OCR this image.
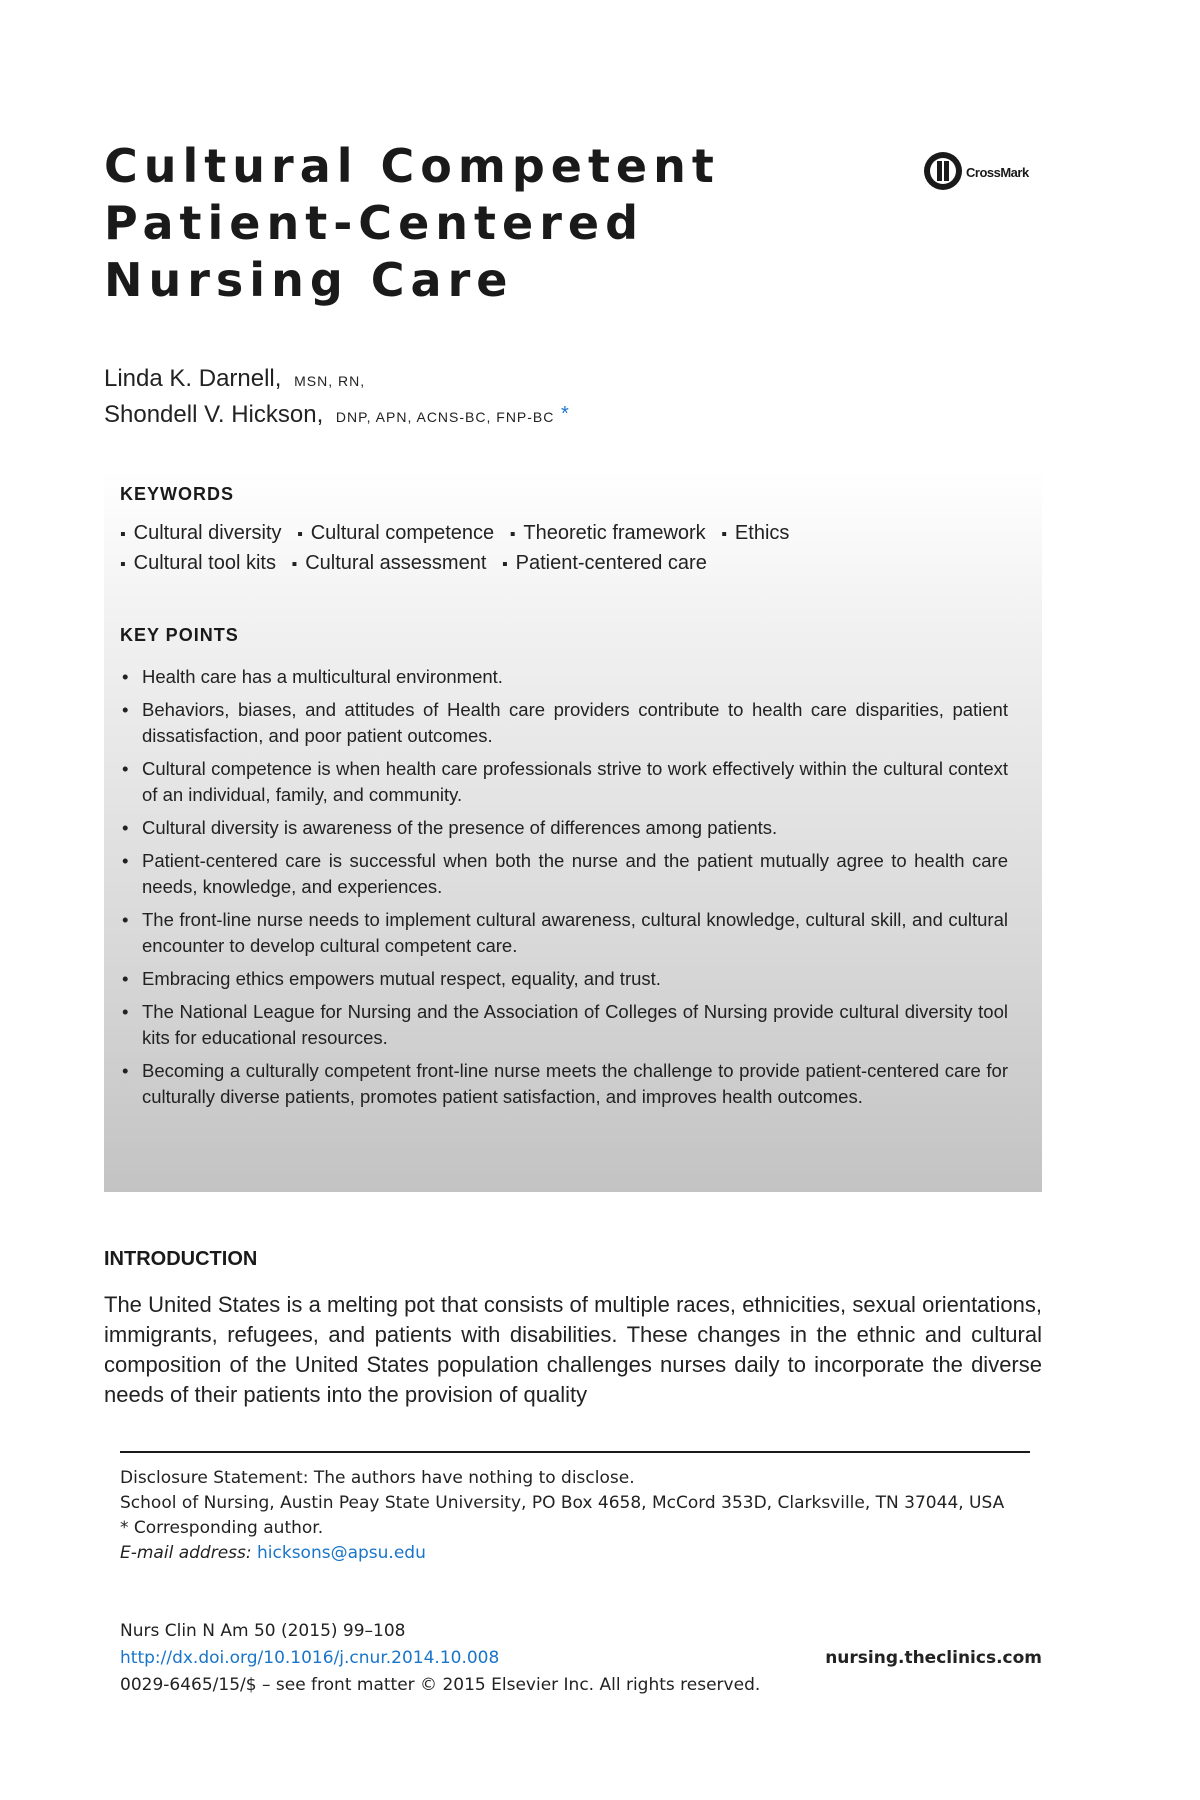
Cultural Competent
Patient-Centered
Nursing Care
CrossMark
Linda K. Darnell, MSN, RN,
Shondell V. Hickson, DNP, APN, ACNS-BC, FNP-BC *
KEYWORDS
▪ Cultural diversity ▪ Cultural competence ▪ Theoretic framework ▪ Ethics
▪ Cultural tool kits ▪ Cultural assessment ▪ Patient-centered care
KEY POINTS
• Health care has a multicultural environment.
• Behaviors, biases, and attitudes of Health care providers contribute to health care disparities, patient dissatisfaction, and poor patient outcomes.
• Cultural competence is when health care professionals strive to work effectively within the cultural context of an individual, family, and community.
• Cultural diversity is awareness of the presence of differences among patients.
• Patient-centered care is successful when both the nurse and the patient mutually agree to health care needs, knowledge, and experiences.
• The front-line nurse needs to implement cultural awareness, cultural knowledge, cultural skill, and cultural encounter to develop cultural competent care.
• Embracing ethics empowers mutual respect, equality, and trust.
• The National League for Nursing and the Association of Colleges of Nursing provide cultural diversity tool kits for educational resources.
• Becoming a culturally competent front-line nurse meets the challenge to provide patient-centered care for culturally diverse patients, promotes patient satisfaction, and improves health outcomes.
INTRODUCTION

The United States is a melting pot that consists of multiple races, ethnicities, sexual orientations, immigrants, refugees, and patients with disabilities. These changes in the ethnic and cultural composition of the United States population challenges nurses daily to incorporate the diverse needs of their patients into the provision of quality

Disclosure Statement: The authors have nothing to disclose.

School of Nursing, Austin Peay State University, PO Box 4658, McCord 353D, Clarksville, TN 37044, USA

* Corresponding author.

E-mail address: hicksons@apsu.edu

Nurs Clin N Am 50 (2015) 99–108

http://dx.doi.org/10.1016/j.cnur.2014.10.008

0029-6465/15/$ – see front matter © 2015 Elsevier Inc. All rights reserved.

nursing.theclinics.com
